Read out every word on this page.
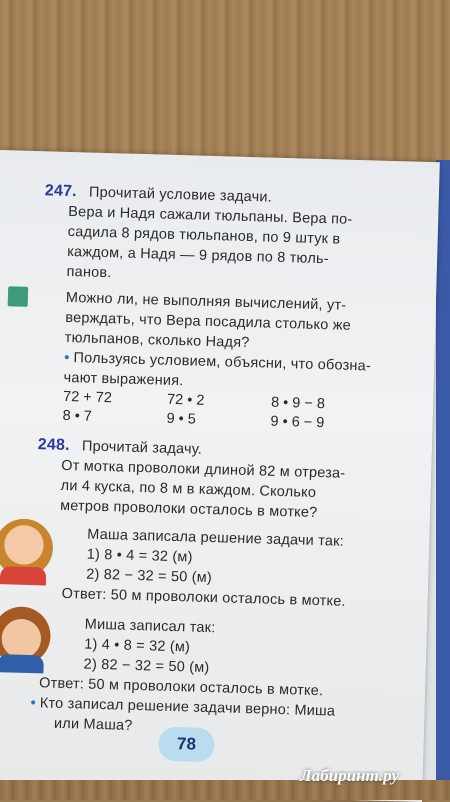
247. Прочитай условие задачи.
Вера и Надя сажали тюльпаны. Вера по-
садила 8 рядов тюльпанов, по 9 штук в
каждом, а Надя — 9 рядов по 8 тюль-
панов.
Можно ли, не выполняя вычислений, ут-
верждать, что Вера посадила столько же
тюльпанов, сколько Надя?
• Пользуясь условием, объясни, что обозна-
чают выражения.
72 + 72	72 • 2	8 • 9 − 8
8 • 7	9 • 5	9 • 6 − 9
248. Прочитай задачу.
От мотка проволоки длиной 82 м отреза-
ли 4 куска, по 8 м в каждом. Сколько
метров проволоки осталось в мотке?
Маша записала решение задачи так:
1) 8 • 4 = 32 (м)
2) 82 − 32 = 50 (м)
Ответ: 50 м проволоки осталось в мотке.
Миша записал так:
1) 4 • 8 = 32 (м)
2) 82 − 32 = 50 (м)
Ответ: 50 м проволоки осталось в мотке.
• Кто записал решение задачи верно: Миша
или Маша?
78
Лабиринт.ру
